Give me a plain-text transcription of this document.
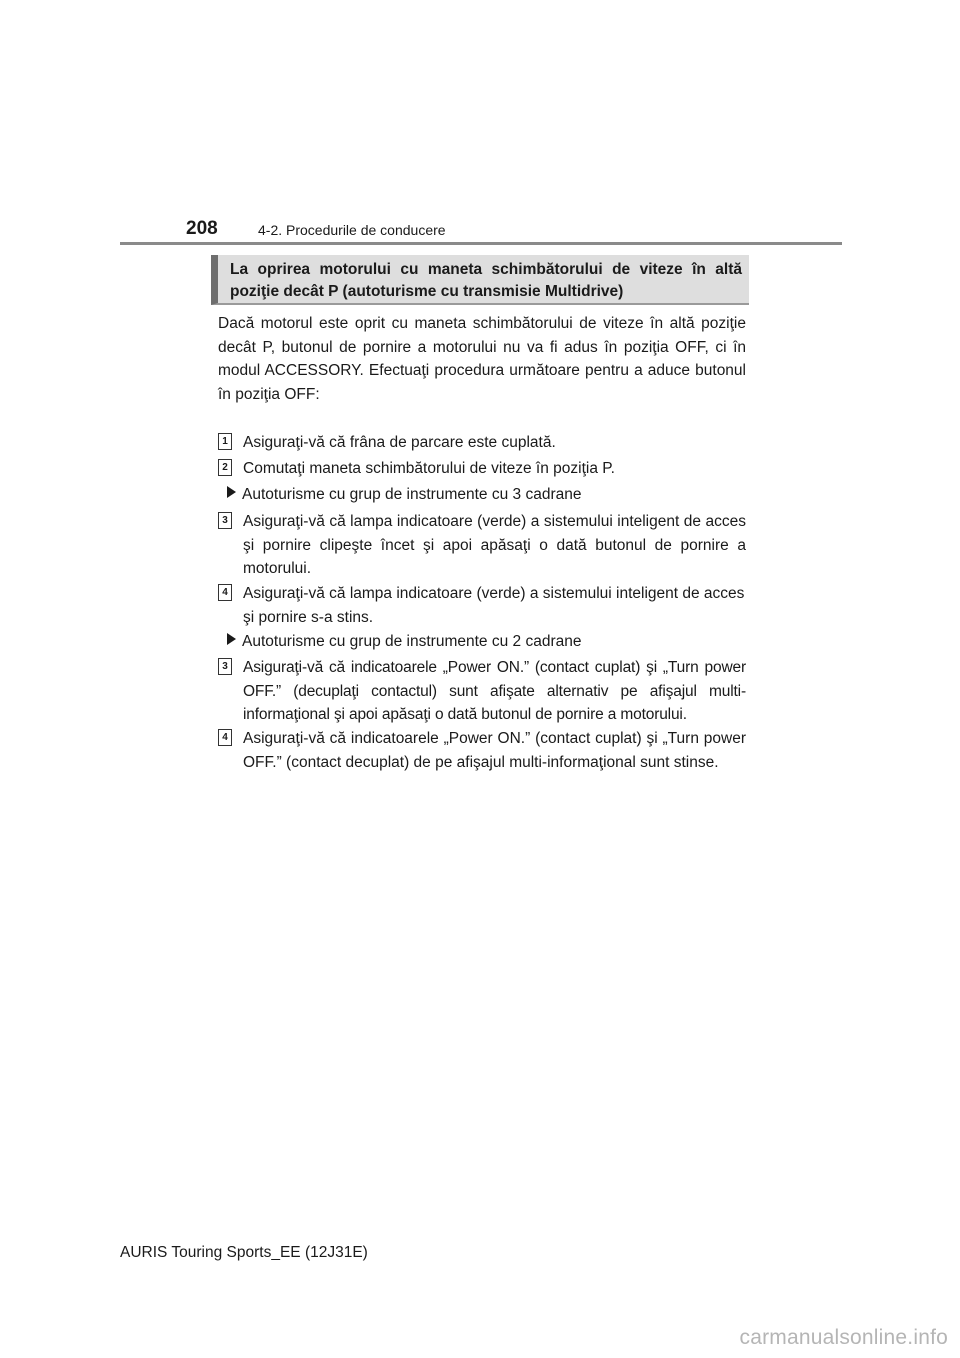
208	4-2. Procedurile de conducere
La oprirea motorului cu maneta schimbătorului de viteze în altă
poziţie decât P (autoturisme cu transmisie Multidrive)
Dacă motorul este oprit cu maneta schimbătorului de viteze în altă poziţie decât P, butonul de pornire a motorului nu va fi adus în poziţia OFF, ci în modul ACCESSORY. Efectuaţi procedura următoare pentru a aduce butonul în poziţia OFF:
1 Asiguraţi-vă că frâna de parcare este cuplată.
2 Comutaţi maneta schimbătorului de viteze în poziţia P.
Autoturisme cu grup de instrumente cu 3 cadrane
3 Asiguraţi-vă că lampa indicatoare (verde) a sistemului inteligent de acces şi pornire clipeşte încet şi apoi apăsaţi o dată butonul de pornire a motorului.
4 Asiguraţi-vă că lampa indicatoare (verde) a sistemului inteligent de acces şi pornire s-a stins.
Autoturisme cu grup de instrumente cu 2 cadrane
3 Asiguraţi-vă că indicatoarele „Power ON.” (contact cuplat) şi „Turn power OFF.” (decuplaţi contactul) sunt afişate alternativ pe afişajul multi-informaţional şi apoi apăsaţi o dată butonul de pornire a motorului.
4 Asiguraţi-vă că indicatoarele „Power ON.” (contact cuplat) şi „Turn power OFF.” (contact decuplat) de pe afişajul multi-informaţional sunt stinse.
AURIS Touring Sports_EE (12J31E)
carmanualsonline.info
